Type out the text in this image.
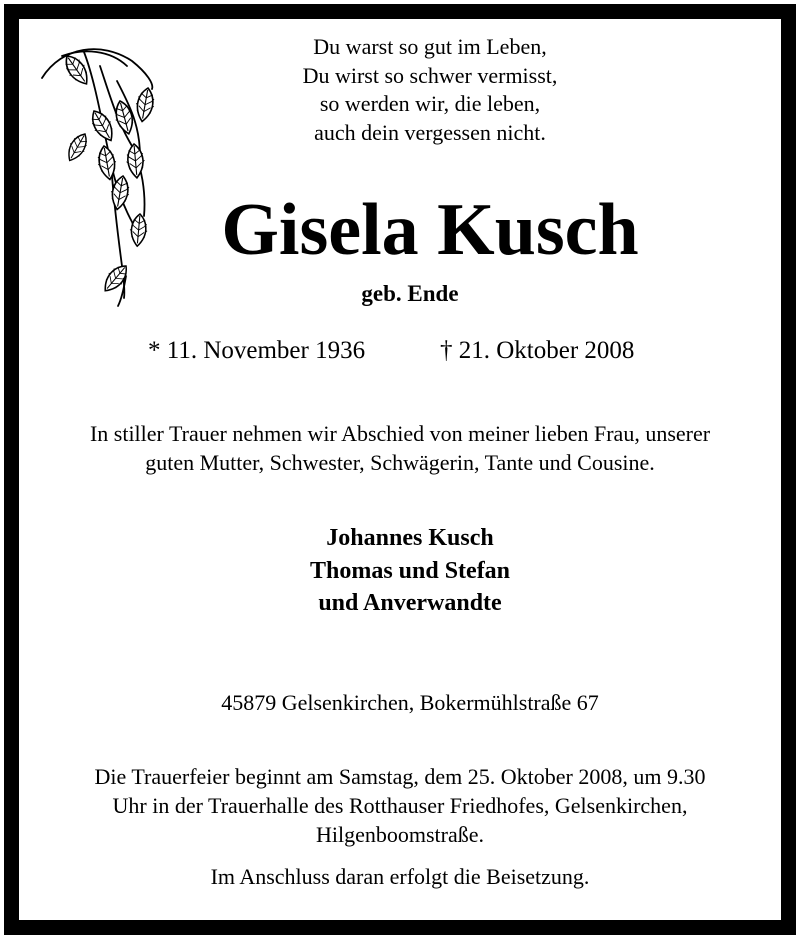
Du warst so gut im Leben,
Du wirst so schwer vermisst,
so werden wir, die leben,
auch dein vergessen nicht.
Gisela Kusch
geb. Ende
* 11. November 1936	† 21. Oktober 2008
In stiller Trauer nehmen wir Abschied von meiner lieben Frau, unserer
guten Mutter, Schwester, Schwägerin, Tante und Cousine.
Johannes Kusch
Thomas und Stefan
und Anverwandte
45879 Gelsenkirchen, Bokermühlstraße 67
Die Trauerfeier beginnt am Samstag, dem 25. Oktober 2008, um 9.30
Uhr in der Trauerhalle des Rotthauser Friedhofes, Gelsenkirchen,
Hilgenboomstraße.
Im Anschluss daran erfolgt die Beisetzung.
